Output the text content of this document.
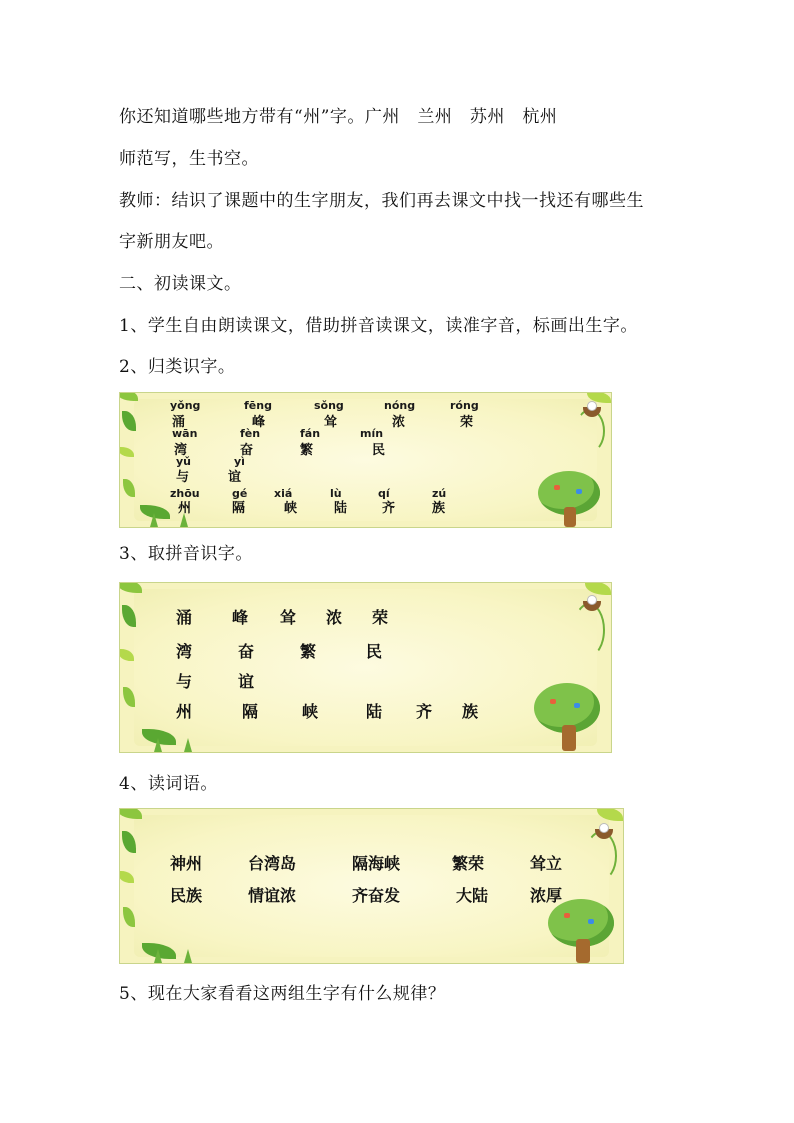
你还知道哪些地方带有“州”字。广州　兰州　苏州　杭州
师范写，生书空。
教师：结识了课题中的生字朋友，我们再去课文中找一找还有哪些生
字新朋友吧。
二、初读课文。
1、学生自由朗读课文，借助拼音读课文，读准字音，标画出生字。
2、归类识字。
yǒng	fēng	sǒng	nóng	róng
涌	峰	耸	浓	荣
wān	fèn	fán	mín
湾	奋	繁	民
yǔ	yì
与	谊
zhōu	gé xiá	lù	qí	zú
州	隔	峡	陆	齐	族
3、取拼音识字。
涌 峰 耸 浓 荣
湾	奋	繁	民
与	谊
州	隔	峡	陆 齐 族
4、读词语。
神州	台湾岛	隔海峡	繁荣	耸立
民族	情谊浓	齐奋发	大陆	浓厚
5、现在大家看看这两组生字有什么规律？
